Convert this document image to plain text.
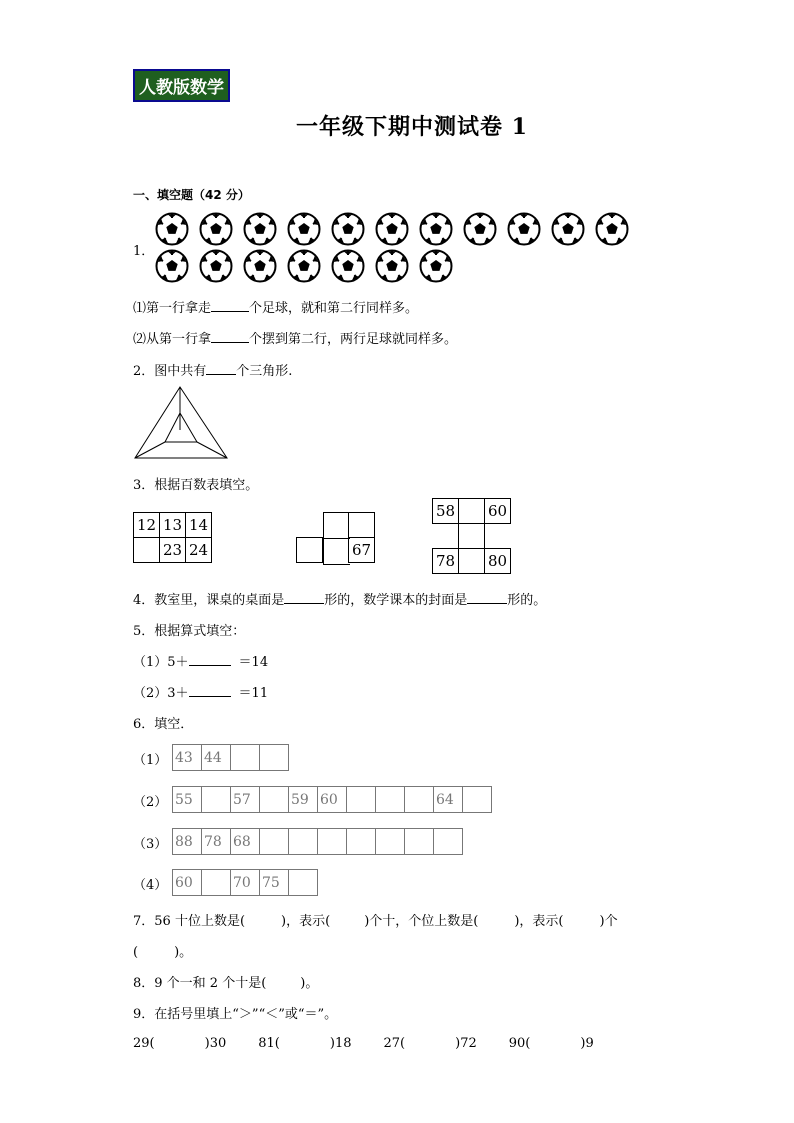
人教版数学
一年级下期中测试卷 1
一、填空题（42 分）
1．
⑴第一行拿走	个足球，就和第二行同样多。
⑵从第一行拿	个摆到第二行，两行足球就同样多。
2．图中共有 个三角形.
3．根据百数表填空。
12	13	14
	23	24

			67
58		60

78		80
4．教室里，课桌的桌面是	形的，数学课本的封面是	形的。
5．根据算式填空：
（1）5＋	＝14
（2）3＋	＝11
6．填空．
（1） 43	44		
（2） 55		57		59	60				64	
（3） 88	78	68							
（4） 60		70	75	
7．56 十位上数是(	)，表示(	)个十，个位上数是(	)，表示(	)个
(	)。
8．9 个一和 2 个十是(	)。
9．在括号里填上“＞”“＜”或“＝”。
29(	)30 81(	)18 27(	)72 90(	)9
